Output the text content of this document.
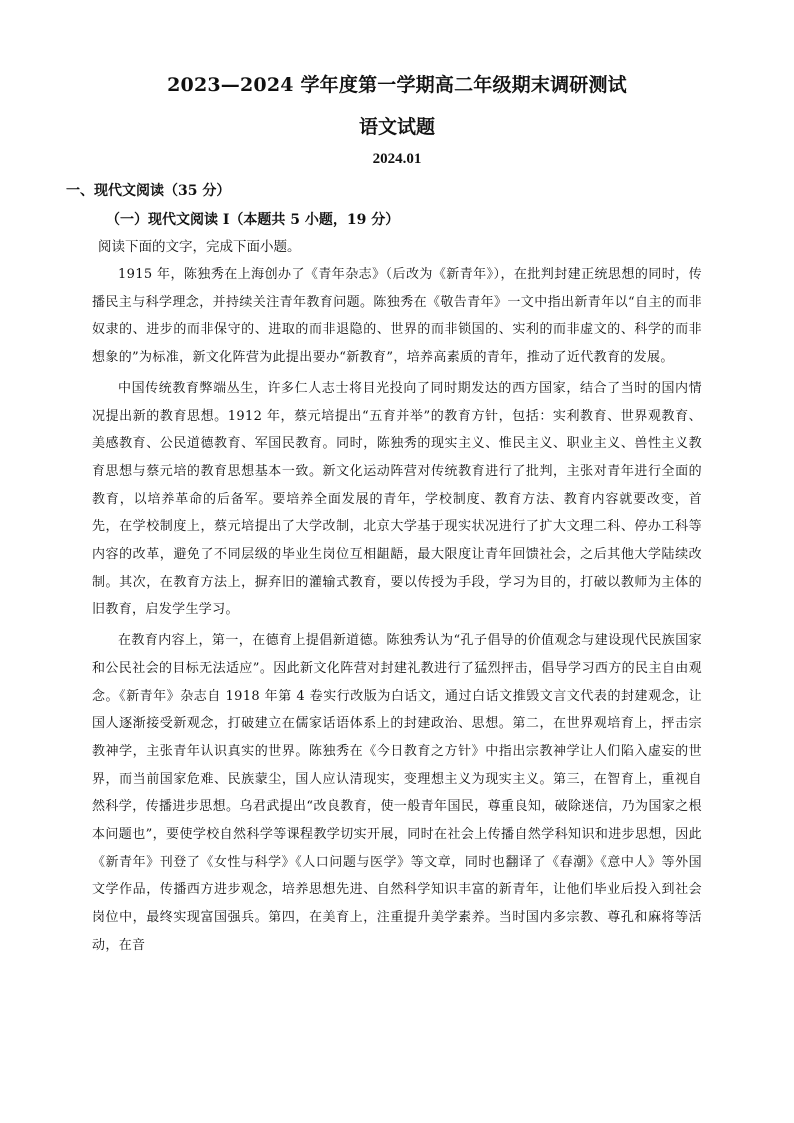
2023—2024 学年度第一学期高二年级期末调研测试
语文试题
2024.01
一、现代文阅读（35 分）
（一）现代文阅读 I（本题共 5 小题，19 分）

阅读下面的文字，完成下面小题。

1915 年，陈独秀在上海创办了《青年杂志》（后改为《新青年》），在批判封建正统思想的同时，传播民主与科学理念，并持续关注青年教育问题。陈独秀在《敬告青年》一文中指出新青年以“自主的而非奴隶的、进步的而非保守的、进取的而非退隐的、世界的而非锁国的、实利的而非虚文的、科学的而非想象的”为标准，新文化阵营为此提出要办“新教育”，培养高素质的青年，推动了近代教育的发展。

中国传统教育弊端丛生，许多仁人志士将目光投向了同时期发达的西方国家，结合了当时的国内情况提出新的教育思想。1912 年，蔡元培提出“五育并举”的教育方针，包括：实利教育、世界观教育、美感教育、公民道德教育、军国民教育。同时，陈独秀的现实主义、惟民主义、职业主义、兽性主义教育思想与蔡元培的教育思想基本一致。新文化运动阵营对传统教育进行了批判，主张对青年进行全面的教育，以培养革命的后备军。要培养全面发展的青年，学校制度、教育方法、教育内容就要改变，首先，在学校制度上，蔡元培提出了大学改制，北京大学基于现实状况进行了扩大文理二科、停办工科等内容的改革，避免了不同层级的毕业生岗位互相龃龉，最大限度让青年回馈社会，之后其他大学陆续改制。其次，在教育方法上，摒弃旧的灌输式教育，要以传授为手段，学习为目的，打破以教师为主体的旧教育，启发学生学习。

在教育内容上，第一，在德育上提倡新道德。陈独秀认为“孔子倡导的价值观念与建设现代民族国家和公民社会的目标无法适应”。因此新文化阵营对封建礼教进行了猛烈抨击，倡导学习西方的民主自由观念。《新青年》杂志自 1918 年第 4 卷实行改版为白话文，通过白话文推毁文言文代表的封建观念，让国人逐渐接受新观念，打破建立在儒家话语体系上的封建政治、思想。第二，在世界观培育上，抨击宗教神学，主张青年认识真实的世界。陈独秀在《今日教育之方针》中指出宗教神学让人们陷入虚妄的世界，而当前国家危难、民族蒙尘，国人应认清现实，变理想主义为现实主义。第三，在智育上，重视自然科学，传播进步思想。乌君武提出“改良教育，使一般青年国民，尊重良知，破除迷信，乃为国家之根本问题也”，要使学校自然科学等课程教学切实开展，同时在社会上传播自然学科知识和进步思想，因此《新青年》刊登了《女性与科学》《人口问题与医学》等文章，同时也翻译了《春潮》《意中人》等外国文学作品，传播西方进步观念，培养思想先进、自然科学知识丰富的新青年，让他们毕业后投入到社会岗位中，最终实现富国强兵。第四，在美育上，注重提升美学素养。当时国内多宗教、尊孔和麻将等活动，在音
